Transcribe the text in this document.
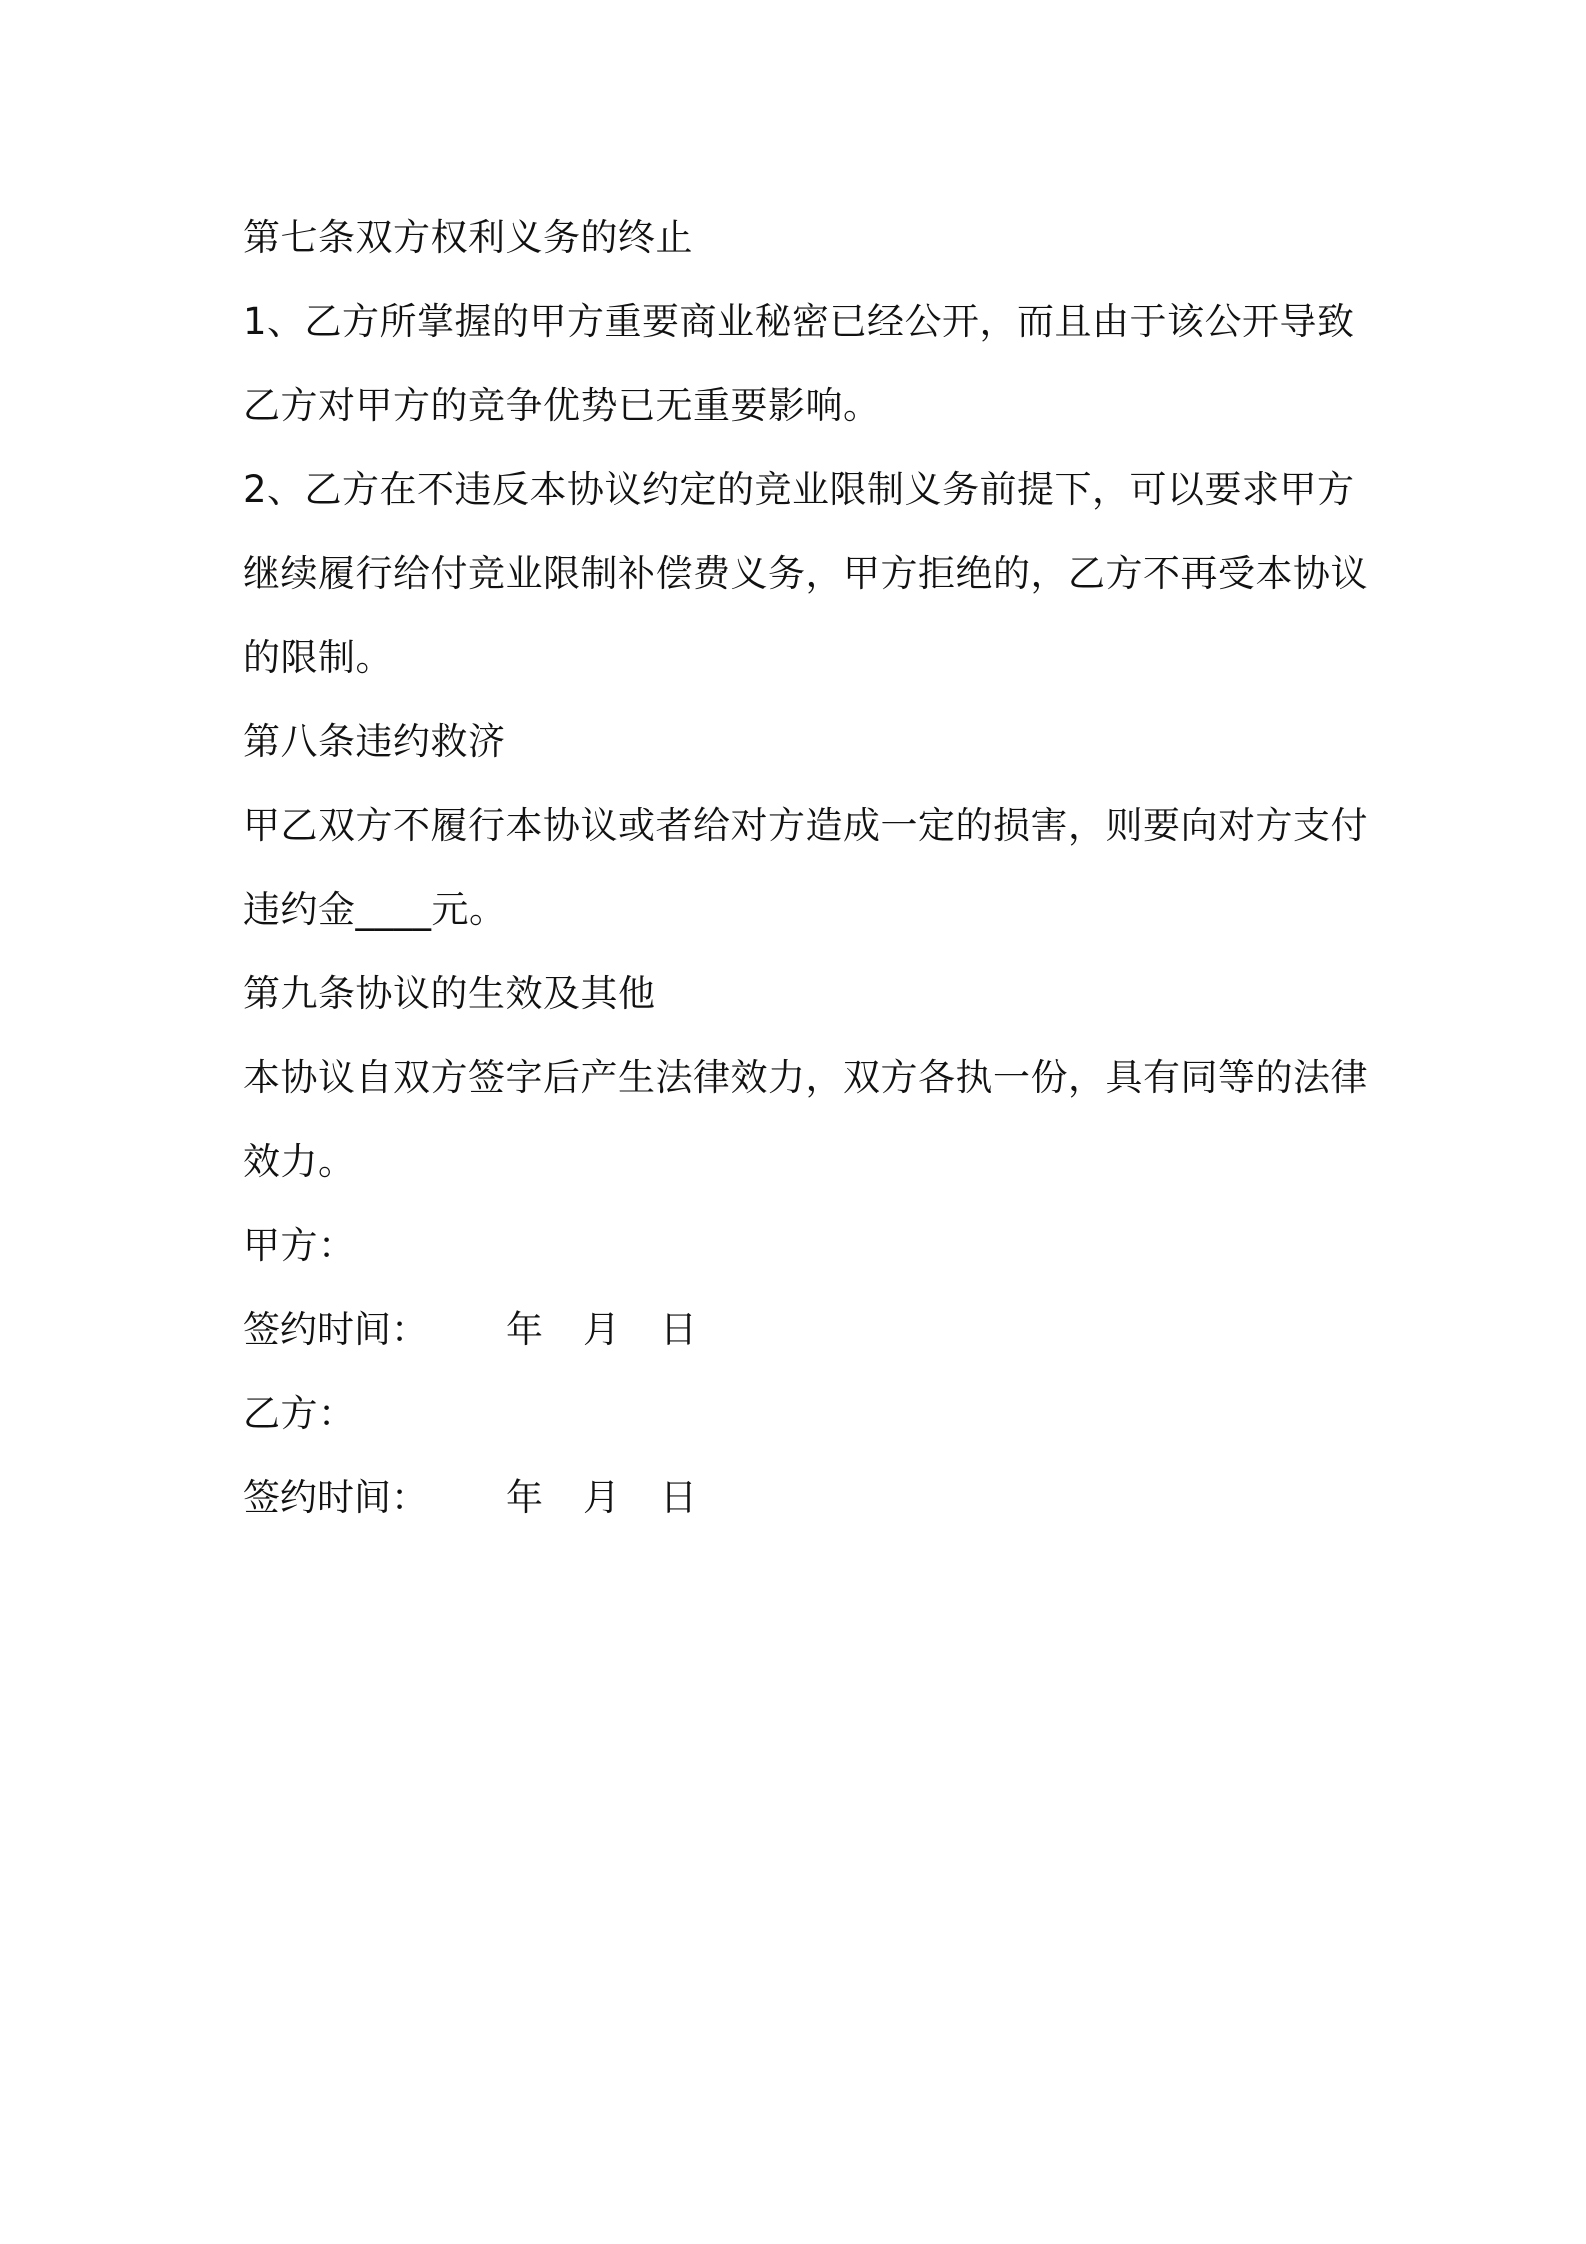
第七条双方权利义务的终止
1、乙方所掌握的甲方重要商业秘密已经公开，而且由于该公开导致
乙方对甲方的竞争优势已无重要影响。
2、乙方在不违反本协议约定的竞业限制义务前提下，可以要求甲方
继续履行给付竞业限制补偿费义务，甲方拒绝的，乙方不再受本协议
的限制。
第八条违约救济
甲乙双方不履行本协议或者给对方造成一定的损害，则要向对方支付
违约金____元。
第九条协议的生效及其他
本协议自双方签字后产生法律效力，双方各执一份，具有同等的法律
效力。
甲方：
签约时间： 年 月 日
乙方：
签约时间： 年 月 日
